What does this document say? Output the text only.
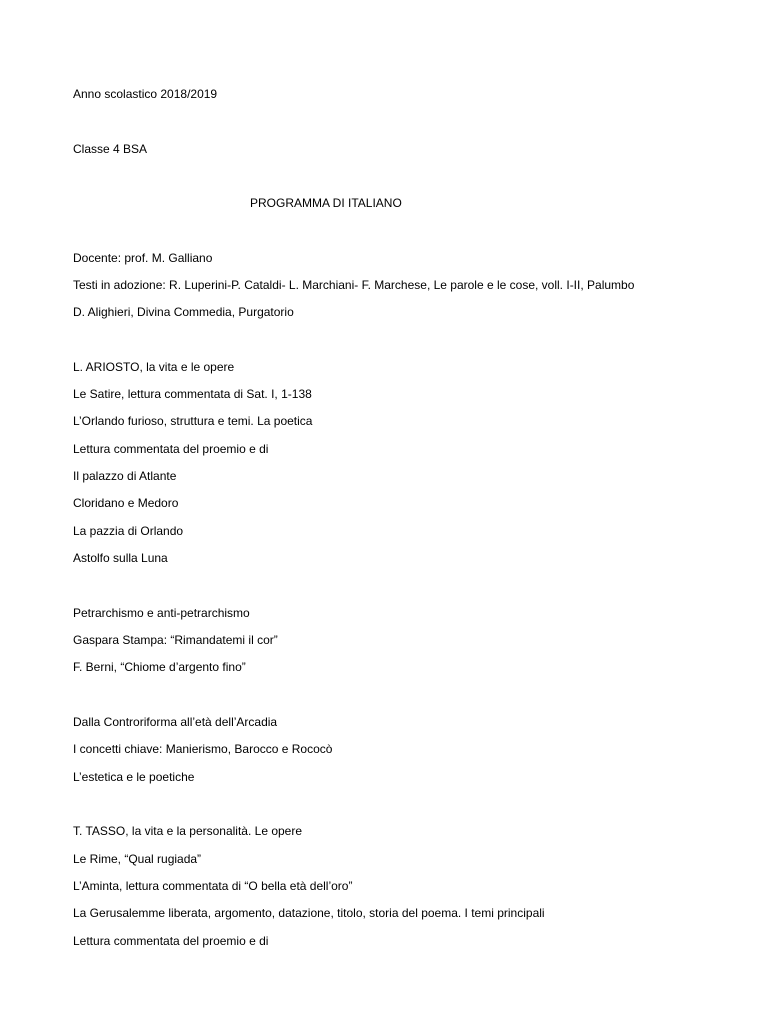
Anno scolastico 2018/2019
Classe 4 BSA
PROGRAMMA DI ITALIANO
Docente: prof. M. Galliano
Testi in adozione: R. Luperini-P. Cataldi- L. Marchiani- F. Marchese, Le parole e le cose, voll. I-II, Palumbo
D. Alighieri, Divina Commedia, Purgatorio
L. ARIOSTO, la vita e le opere
Le Satire, lettura commentata di Sat. I, 1-138
L’Orlando furioso, struttura e temi. La poetica
Lettura commentata del proemio e di
Il palazzo di Atlante
Cloridano e Medoro
La pazzia di Orlando
Astolfo sulla Luna
Petrarchismo e anti-petrarchismo
Gaspara Stampa: “Rimandatemi il cor”
F. Berni, “Chiome d’argento fino”
Dalla Controriforma all’età dell’Arcadia
I concetti chiave: Manierismo, Barocco e Rococò
L’estetica e le poetiche
T. TASSO, la vita e la personalità. Le opere
Le Rime, “Qual rugiada”
L’Aminta, lettura commentata di “O bella età dell’oro”
La Gerusalemme liberata, argomento, datazione, titolo, storia del poema. I temi principali
Lettura commentata del proemio e di
